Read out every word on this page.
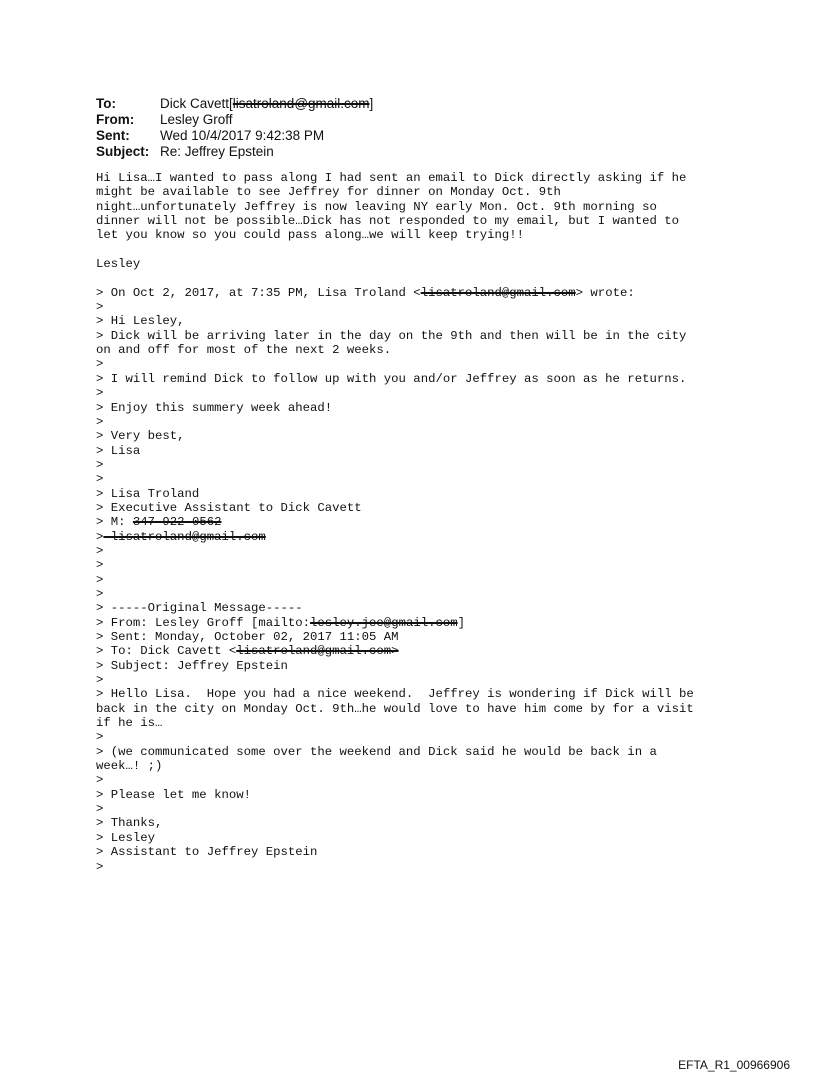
To:	Dick Cavett[lisatroland@gmail.com]
From:	Lesley Groff
Sent:	Wed 10/4/2017 9:42:38 PM
Subject: Re: Jeffrey Epstein
Hi Lisa…I wanted to pass along I had sent an email to Dick directly asking if he
might be available to see Jeffrey for dinner on Monday Oct. 9th
night…unfortunately Jeffrey is now leaving NY early Mon. Oct. 9th morning so
dinner will not be possible…Dick has not responded to my email, but I wanted to
let you know so you could pass along…we will keep trying!!
Lesley
> On Oct 2, 2017, at 7:35 PM, Lisa Troland <lisatroland@gmail.com> wrote:
>
> Hi Lesley,
> Dick will be arriving later in the day on the 9th and then will be in the city
on and off for most of the next 2 weeks.
>
> I will remind Dick to follow up with you and/or Jeffrey as soon as he returns.
>
> Enjoy this summery week ahead!
>
> Very best,
> Lisa
>
>
> Lisa Troland
> Executive Assistant to Dick Cavett
> M: 347-922-0562
> lisatroland@gmail.com
>
>
>
>
> -----Original Message-----
> From: Lesley Groff [mailto:lesley.jee@gmail.com]
> Sent: Monday, October 02, 2017 11:05 AM
> To: Dick Cavett <lisatroland@gmail.com>
> Subject: Jeffrey Epstein
>
> Hello Lisa.  Hope you had a nice weekend.  Jeffrey is wondering if Dick will be
back in the city on Monday Oct. 9th…he would love to have him come by for a visit
if he is…
>
> (we communicated some over the weekend and Dick said he would be back in a
week…! ;)
>
> Please let me know!
>
> Thanks,
> Lesley
> Assistant to Jeffrey Epstein
>
EFTA_R1_00966906
